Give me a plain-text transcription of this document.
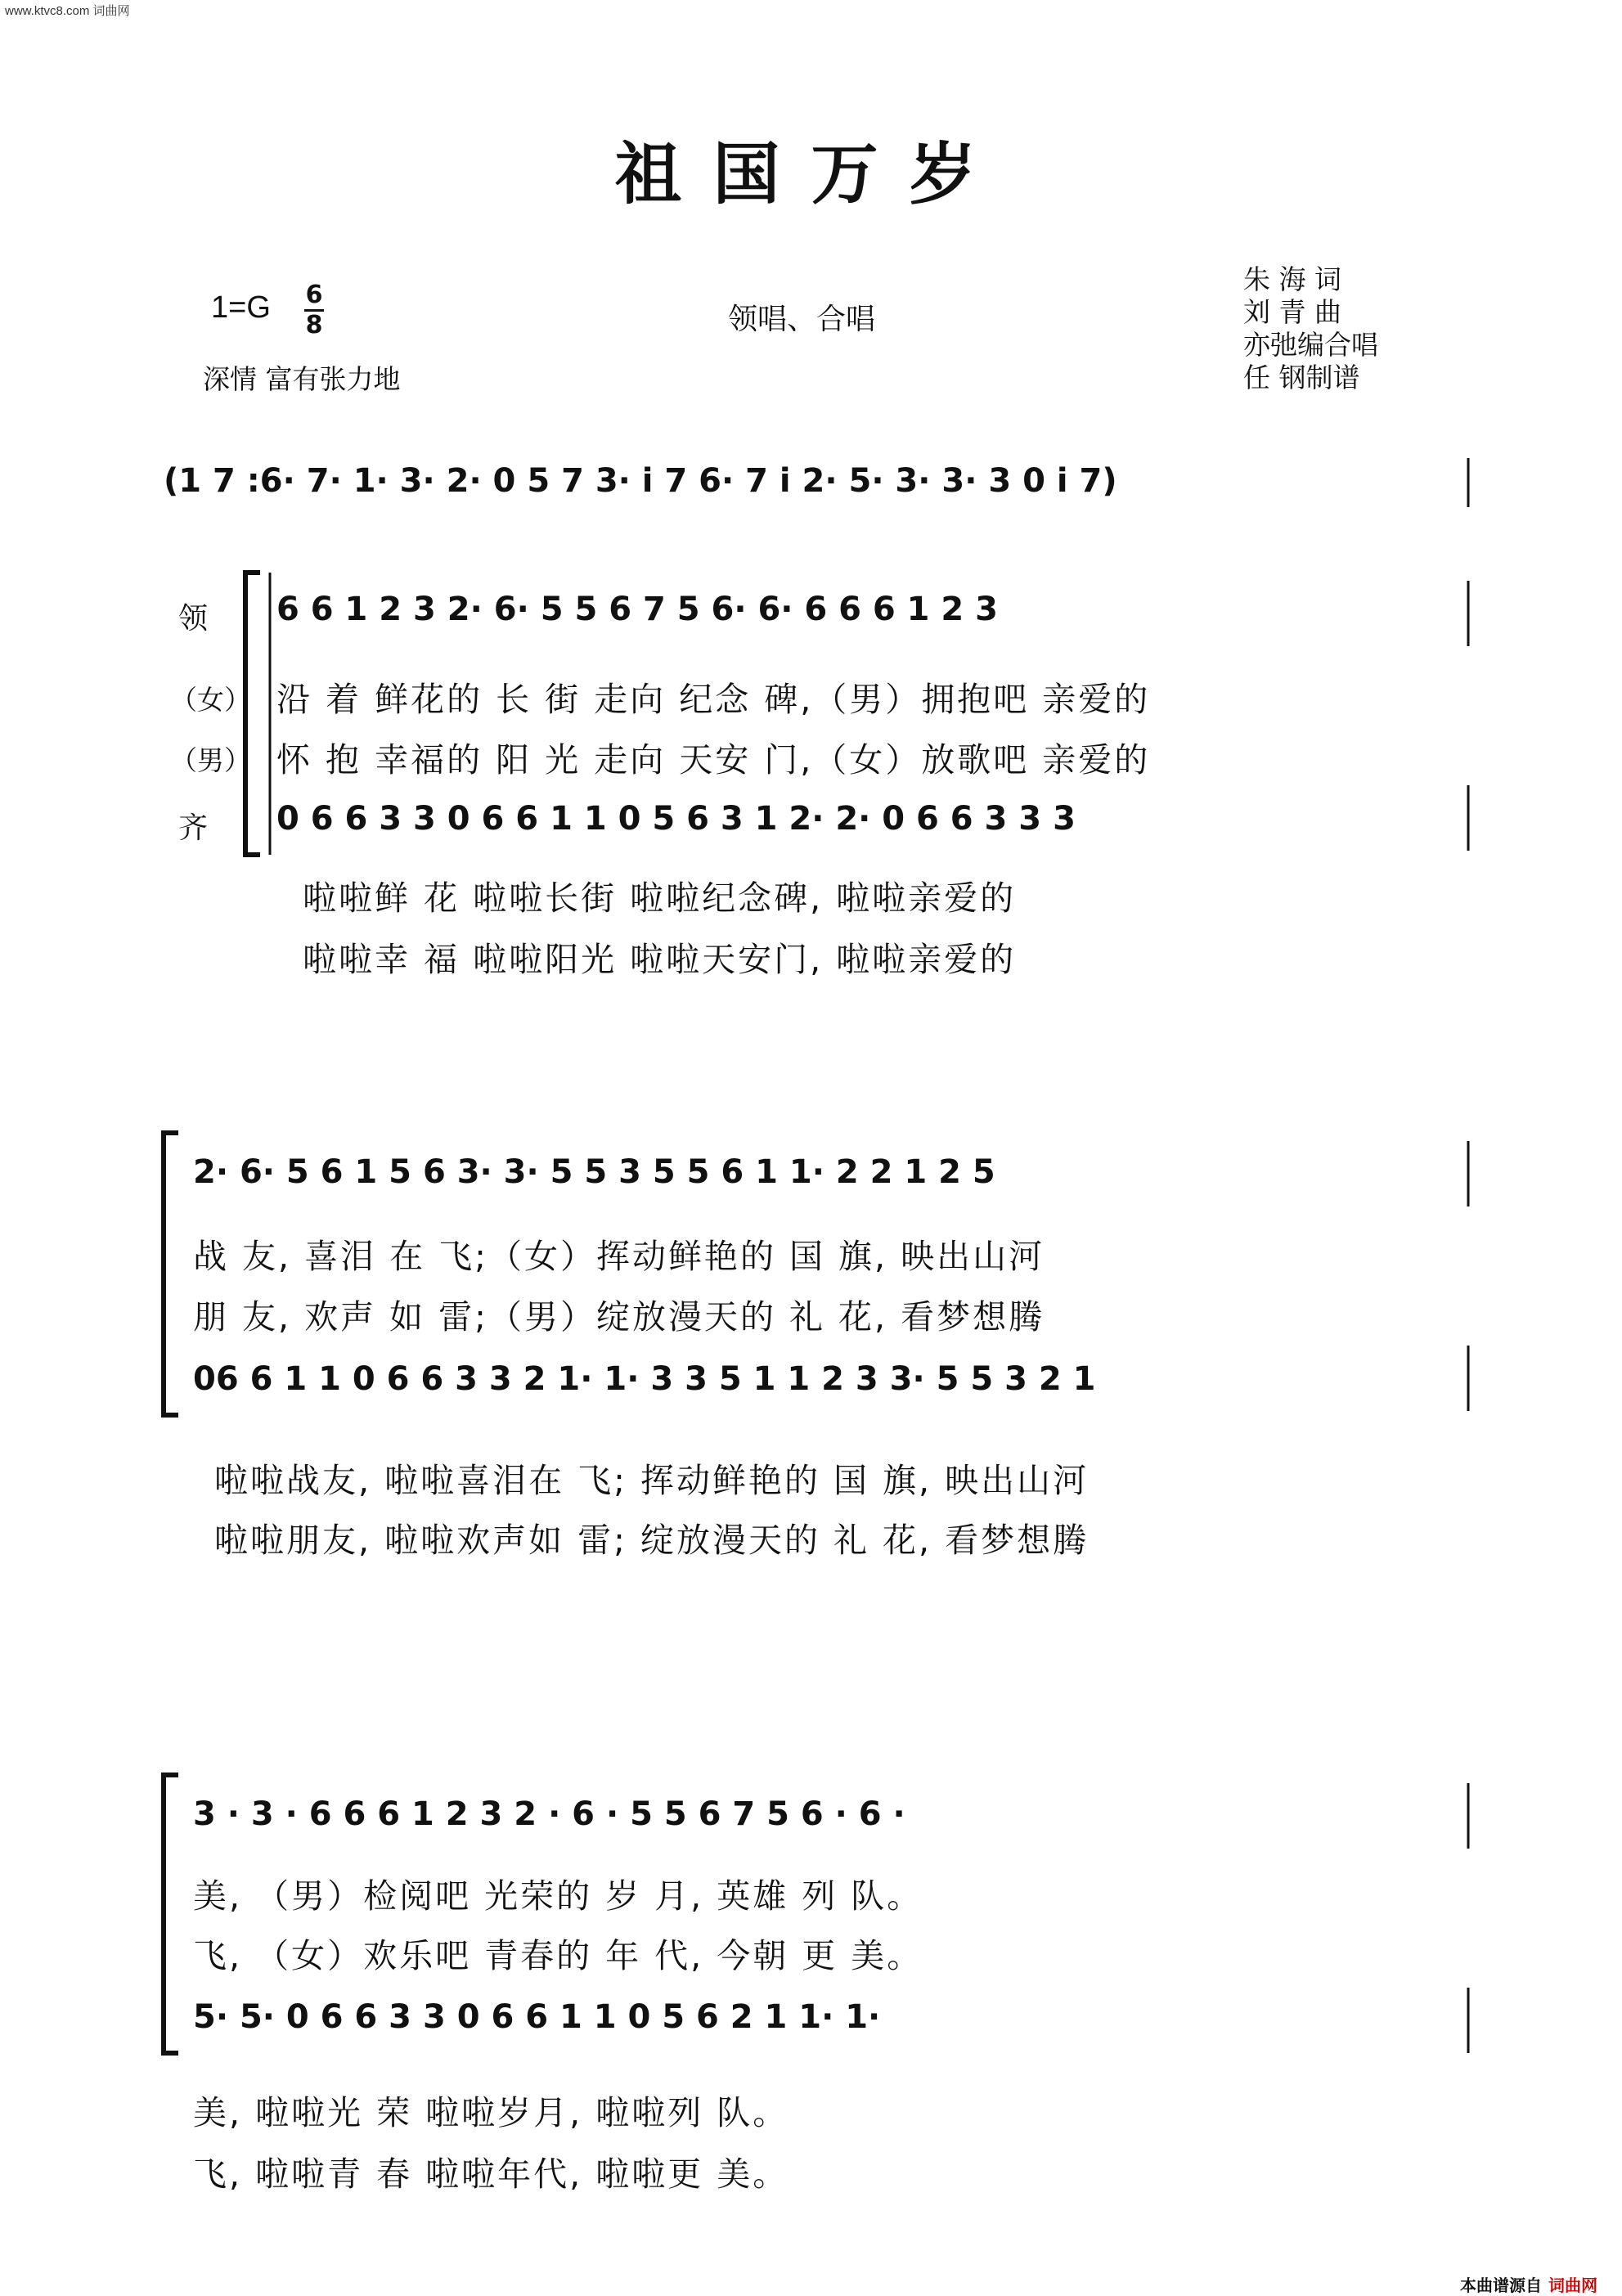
www.ktvc8.com 词曲网
祖国万岁
1=G 6
8
深情 富有张力地
领唱、合唱
朱 海 词
刘 青 曲
亦弛编合唱
任 钢制谱
(1 7 :6· 7· 1· 3· 2· 0 5 7 3· i 7 6· 7 i 2· 5· 3· 3· 3 0 i 7)
领 6 6 1 2 3 2· 6· 5 5 6 7 5 6· 6· 6 6 6 1 2 3
（女） 沿 着 鲜花的 长 街 走向 纪念 碑,（男）拥抱吧 亲爱的
（男） 怀 抱 幸福的 阳 光 走向 天安 门,（女）放歌吧 亲爱的
齐 0 6 6 3 3 0 6 6 1 1 0 5 6 3 1 2· 2· 0 6 6 3 3 3
啦啦鲜 花 啦啦长街 啦啦纪念碑, 啦啦亲爱的
啦啦幸 福 啦啦阳光 啦啦天安门, 啦啦亲爱的
2· 6· 5 6 1 5 6 3· 3· 5 5 3 5 5 6 1 1· 2 2 1 2 5
战 友, 喜泪 在 飞;（女）挥动鲜艳的 国 旗, 映出山河
朋 友, 欢声 如 雷;（男）绽放漫天的 礼 花, 看梦想腾
06 6 1 1 0 6 6 3 3 2 1· 1· 3 3 5 1 1 2 3 3· 5 5 3 2 1
啦啦战友, 啦啦喜泪在 飞; 挥动鲜艳的 国 旗, 映出山河
啦啦朋友, 啦啦欢声如 雷; 绽放漫天的 礼 花, 看梦想腾
3 · 3 · 6 6 6 1 2 3 2 · 6 · 5 5 6 7 5 6 · 6 ·
美, （男）检阅吧 光荣的 岁 月, 英雄 列 队。
飞, （女）欢乐吧 青春的 年 代, 今朝 更 美。
5· 5· 0 6 6 3 3 0 6 6 1 1 0 5 6 2 1 1· 1·
美, 啦啦光 荣 啦啦岁月, 啦啦列 队。
飞, 啦啦青 春 啦啦年代, 啦啦更 美。
本曲谱源自 词曲网
